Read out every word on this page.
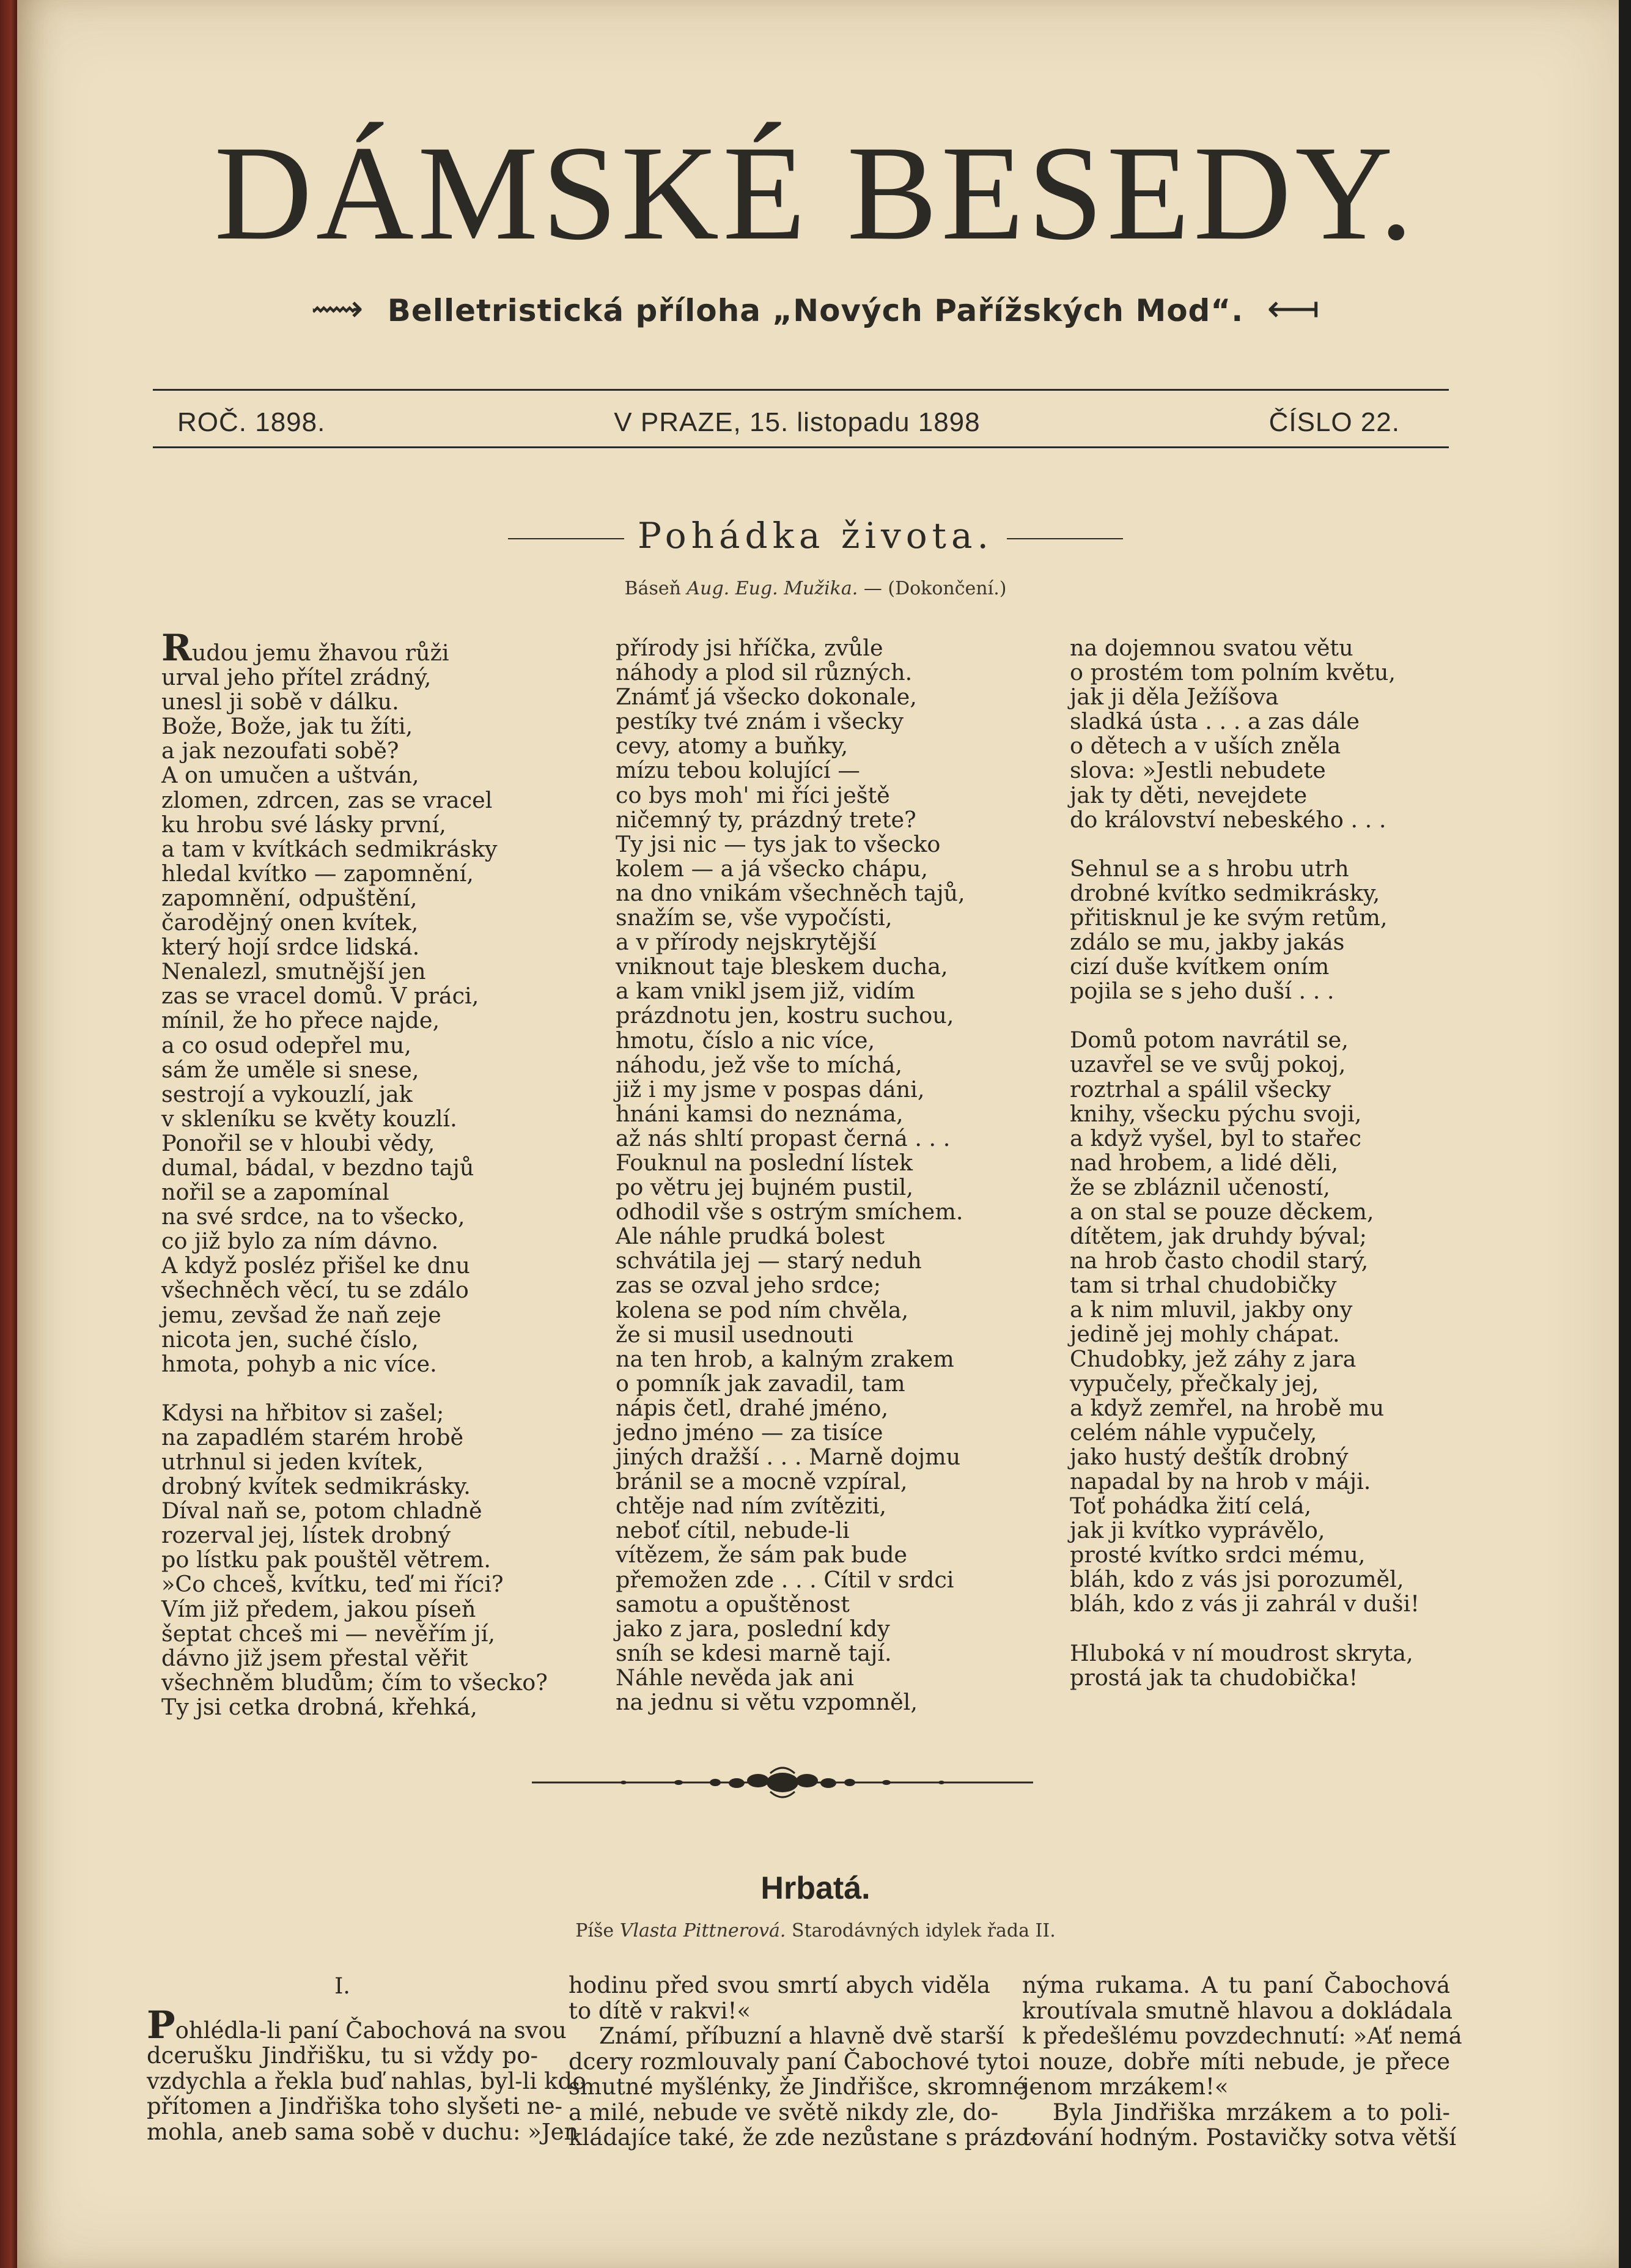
DÁMSKÉ BESEDY.
⟿ Belletristická příloha „Nových Pařížských Mod“. ⟻
ROČ. 1898.	V PRAZE, 15. listopadu 1898	ČÍSLO 22.
Pohádka života.
Báseň Aug. Eug. Mužika. — (Dokončení.)
Rudou jemu žhavou růži

urval jeho přítel zrádný,
unesl ji sobě v dálku.
Bože, Bože, jak tu žíti,
a jak nezoufati sobě?
A on umučen a uštván,
zlomen, zdrcen, zas se vracel
ku hrobu své lásky první,
a tam v kvítkách sedmikrásky
hledal kvítko — zapomnění,
zapomnění, odpuštění,
čarodějný onen kvítek,
který hojí srdce lidská.
Nenalezl, smutnější jen
zas se vracel domů. V práci,
mínil, že ho přece najde,
a co osud odepřel mu,
sám že uměle si snese,
sestrojí a vykouzlí, jak
v skleníku se květy kouzlí.
Ponořil se v hloubi vědy,
dumal, bádal, v bezdno tajů
nořil se a zapomínal
na své srdce, na to všecko,
co již bylo za ním dávno.
A když posléz přišel ke dnu
všechněch věcí, tu se zdálo
jemu, zevšad že naň zeje
nicota jen, suché číslo,
hmota, pohyb a nic více.
Kdysi na hřbitov si zašel;
na zapadlém starém hrobě
utrhnul si jeden kvítek,
drobný kvítek sedmikrásky.
Díval naň se, potom chladně
rozerval jej, lístek drobný
po lístku pak pouštěl větrem.
»Co chceš, kvítku, teď mi říci?
Vím již předem, jakou píseň
šeptat chceš mi — nevěřím jí,
dávno již jsem přestal věřit
všechněm bludům; čím to všecko?
Ty jsi cetka drobná, křehká,
přírody jsi hříčka, zvůle
náhody a plod sil různých.
Známť já všecko dokonale,
pestíky tvé znám i všecky
cevy, atomy a buňky,
mízu tebou kolující —
co bys moh' mi říci ještě
ničemný ty, prázdný trete?
Ty jsi nic — tys jak to všecko
kolem — a já všecko chápu,
na dno vnikám všechněch tajů,
snažím se, vše vypočísti,
a v přírody nejskrytější
vniknout taje bleskem ducha,
a kam vnikl jsem již, vidím
prázdnotu jen, kostru suchou,
hmotu, číslo a nic více,
náhodu, jež vše to míchá,
již i my jsme v pospas dáni,
hnáni kamsi do neznáma,
až nás shltí propast černá . . .
Fouknul na poslední lístek
po větru jej bujném pustil,
odhodil vše s ostrým smíchem.
Ale náhle prudká bolest
schvátila jej — starý neduh
zas se ozval jeho srdce;
kolena se pod ním chvěla,
že si musil usednouti
na ten hrob, a kalným zrakem
o pomník jak zavadil, tam
nápis četl, drahé jméno,
jedno jméno — za tisíce
jiných dražší . . . Marně dojmu
bránil se a mocně vzpíral,
chtěje nad ním zvítěziti,
neboť cítil, nebude-li
vítězem, že sám pak bude
přemožen zde . . . Cítil v srdci
samotu a opuštěnost
jako z jara, poslední kdy
sníh se kdesi marně tají.
Náhle nevěda jak ani
na jednu si větu vzpomněl,
na dojemnou svatou větu
o prostém tom polním květu,
jak ji děla Ježíšova
sladká ústa . . . a zas dále
o dětech a v uších zněla
slova: »Jestli nebudete
jak ty děti, nevejdete
do království nebeského . . .
Sehnul se a s hrobu utrh
drobné kvítko sedmikrásky,
přitisknul je ke svým retům,
zdálo se mu, jakby jakás
cizí duše kvítkem oním
pojila se s jeho duší . . .
Domů potom navrátil se,
uzavřel se ve svůj pokoj,
roztrhal a spálil všecky
knihy, všecku pýchu svoji,
a když vyšel, byl to stařec
nad hrobem, a lidé děli,
že se zbláznil učeností,
a on stal se pouze děckem,
dítětem, jak druhdy býval;
na hrob často chodil starý,
tam si trhal chudobičky
a k nim mluvil, jakby ony
jedině jej mohly chápat.
Chudobky, jež záhy z jara
vypučely, přečkaly jej,
a když zemřel, na hrobě mu
celém náhle vypučely,
jako hustý deštík drobný
napadal by na hrob v máji.
Toť pohádka žití celá,
jak ji kvítko vyprávělo,
prosté kvítko srdci mému,
bláh, kdo z vás jsi porozuměl,
bláh, kdo z vás ji zahrál v duši!
Hluboká v ní moudrost skryta,
prostá jak ta chudobička!
Hrbatá.
Píše Vlasta Pittnerová. Starodávných idylek řada II.
I.
Pohlédla-li paní Čabochová na svou
dcerušku Jindřišku, tu si vždy po-
vzdychla a řekla buď nahlas, byl-li kdo
přítomen a Jindřiška toho slyšeti ne-
mohla, aneb sama sobě v duchu: »Jen
hodinu před svou smrtí abych viděla
to dítě v rakvi!«
Známí, příbuzní a hlavně dvě starší
dcery rozmlouvaly paní Čabochové tyto
smutné myšlénky, že Jindřišce, skromné
a milé, nebude ve světě nikdy zle, do-
kládajíce také, že zde nezůstane s prázd-
nýma rukama. A tu paní Čabochová
kroutívala smutně hlavou a dokládala
k předešlému povzdechnutí: »Ať nemá
i nouze, dobře míti nebude, je přece
jenom mrzákem!«
Byla Jindřiška mrzákem a to poli-
tování hodným. Postavičky sotva větší
